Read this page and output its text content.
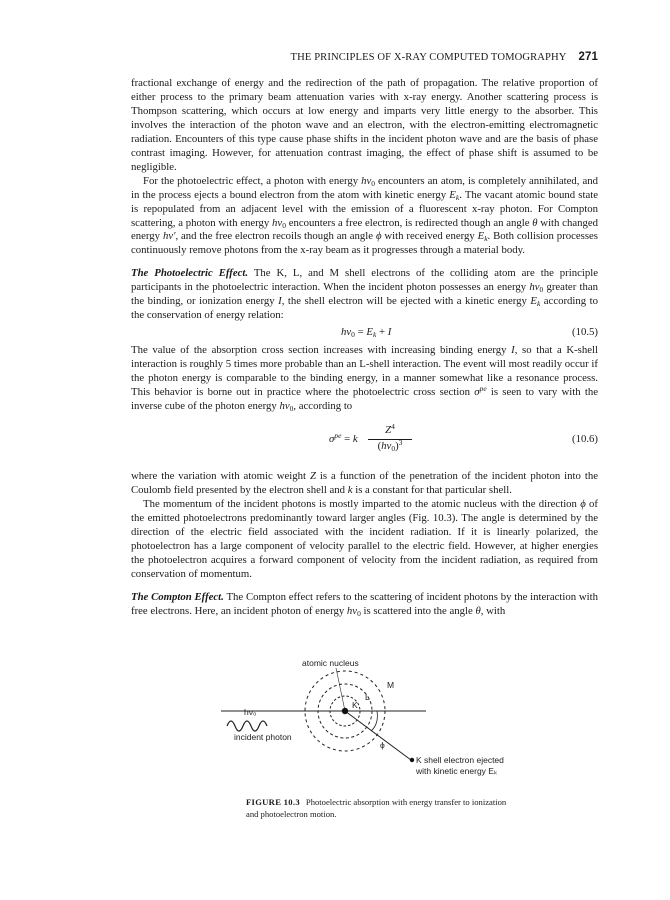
THE PRINCIPLES OF X-RAY COMPUTED TOMOGRAPHY 271

fractional exchange of energy and the redirection of the path of propagation. The relative proportion of either process to the primary beam attenuation varies with x-ray energy. Another scattering process is Thompson scattering, which occurs at low energy and imparts very little energy to the absorber. This involves the interaction of the photon wave and an electron, with the electron-emitting electromagnetic radiation. Encounters of this type cause phase shifts in the incident photon wave and are the basis of phase contrast imaging. However, for attenuation contrast imaging, the effect of phase shift is assumed to be negligible.

For the photoelectric effect, a photon with energy $h\nu_0$ encounters an atom, is completely annihilated, and in the process ejects a bound electron from the atom with kinetic energy $E_k$. The vacant atomic bound state is repopulated from an adjacent level with the emission of a fluorescent x-ray photon. For Compton scattering, a photon with energy $h\nu_0$ encounters a free electron, is redirected though an angle θ with changed energy hν′, and the free electron recoils though an angle ϕ with received energy $E_k$. Both collision processes continuously remove photons from the x-ray beam as it progresses through a material body.

The Photoelectric Effect. The K, L, and M shell electrons of the colliding atom are the principle participants in the photoelectric interaction. When the incident photon possesses an energy $h\nu_0$ greater than the binding, or ionization energy I, the shell electron will be ejected with a kinetic energy $E_k$ according to the conservation of energy relation:

$h\nu_0 = E_k + I$	(10.5)

The value of the absorption cross section increases with increasing binding energy I, so that a K-shell interaction is roughly 5 times more probable than an L-shell interaction. The event will most readily occur if the photon energy is comparable to the binding energy, in a manner somewhat like a resonance process. This behavior is borne out in practice where the photoelectric cross section $\sigma^{pe}$ is seen to vary with the inverse cube of the photon energy $h\nu_0$, according to

$\sigma^{pe} = k \frac{Z^4}{(h\nu_0)^3}$	(10.6)

where the variation with atomic weight Z is a function of the penetration of the incident photon into the Coulomb field presented by the electron shell and k is a constant for that particular shell.

The momentum of the incident photons is mostly imparted to the atomic nucleus with the direction ϕ of the emitted photoelectrons predominantly toward larger angles (Fig. 10.3). The angle is determined by the direction of the electric field associated with the incident radiation. If it is linearly polarized, the photoelectron has a large component of velocity parallel to the electric field. However, at higher energies the photoelectron acquires a forward component of velocity from the incident radiation, as required from conservation of momentum.

The Compton Effect. The Compton effect refers to the scattering of incident photons by the interaction with free electrons. Here, an incident photon of energy $h\nu_0$ is scattered into the angle θ, with

atomic nucleus
M
L
K
hν₀
incident photon
ϕ
K shell electron ejected
with kinetic energy Eₖ
FIGURE 10.3 Photoelectric absorption with energy transfer to ionization and photoelectron motion.
